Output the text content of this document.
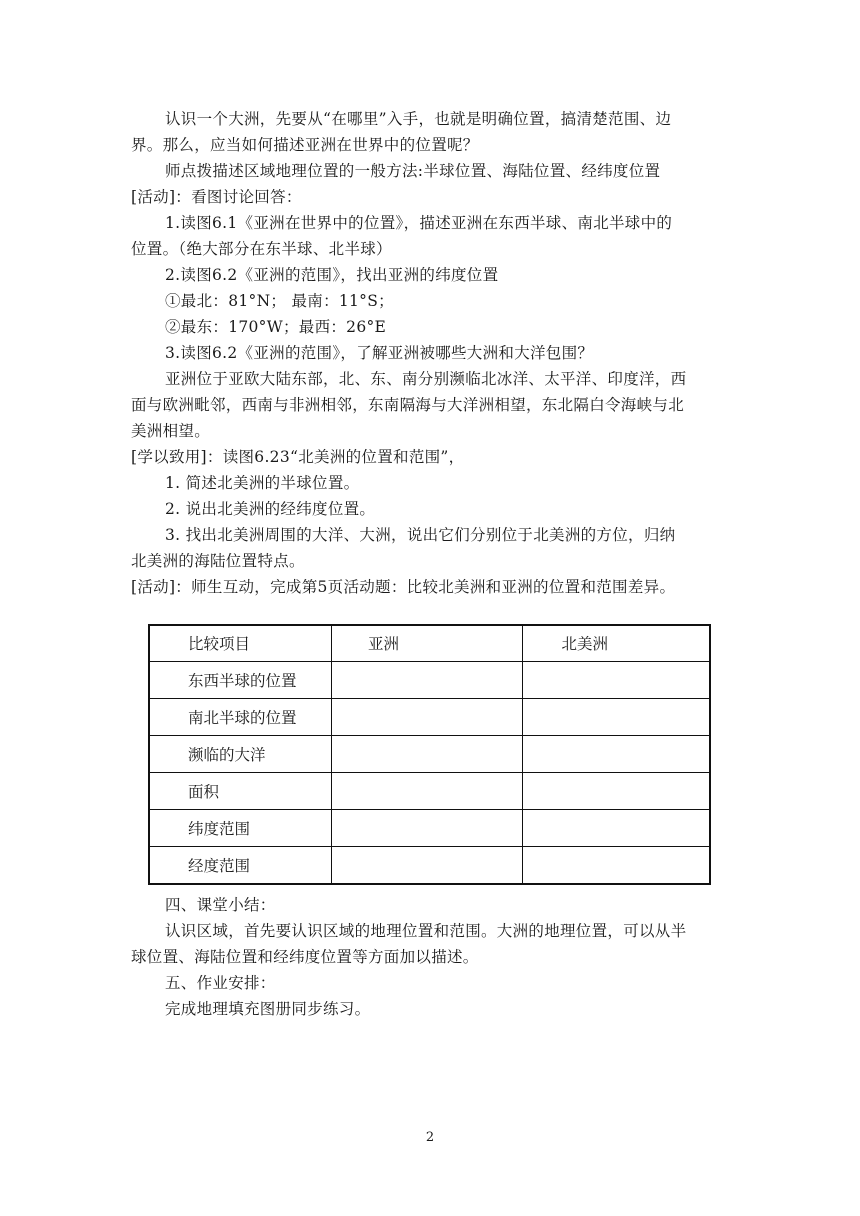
认识一个大洲，先要从“在哪里”入手，也就是明确位置，搞清楚范围、边
界。那么，应当如何描述亚洲在世界中的位置呢？
师点拨描述区域地理位置的一般方法:半球位置、海陆位置、经纬度位置
[活动]：看图讨论回答：
1.读图6.1《亚洲在世界中的位置》，描述亚洲在东西半球、南北半球中的
位置。（绝大部分在东半球、北半球）
2.读图6.2《亚洲的范围》，找出亚洲的纬度位置
①最北：81°N； 最南：11°S；
②最东：170°W；最西：26°E
3.读图6.2《亚洲的范围》，了解亚洲被哪些大洲和大洋包围？
亚洲位于亚欧大陆东部，北、东、南分别濒临北冰洋、太平洋、印度洋，西
面与欧洲毗邻，西南与非洲相邻，东南隔海与大洋洲相望，东北隔白令海峡与北
美洲相望。
[学以致用]：读图6.23“北美洲的位置和范围”，
1. 简述北美洲的半球位置。
2. 说出北美洲的经纬度位置。
3. 找出北美洲周围的大洋、大洲，说出它们分别位于北美洲的方位，归纳
北美洲的海陆位置特点。
[活动]：师生互动，完成第5页活动题：比较北美洲和亚洲的位置和范围差异。
比较项目	亚洲	北美洲
东西半球的位置		
南北半球的位置		
濒临的大洋		
面积		
纬度范围		
经度范围		
四、课堂小结：
认识区域，首先要认识区域的地理位置和范围。大洲的地理位置，可以从半
球位置、海陆位置和经纬度位置等方面加以描述。
五、作业安排：
完成地理填充图册同步练习。
2
